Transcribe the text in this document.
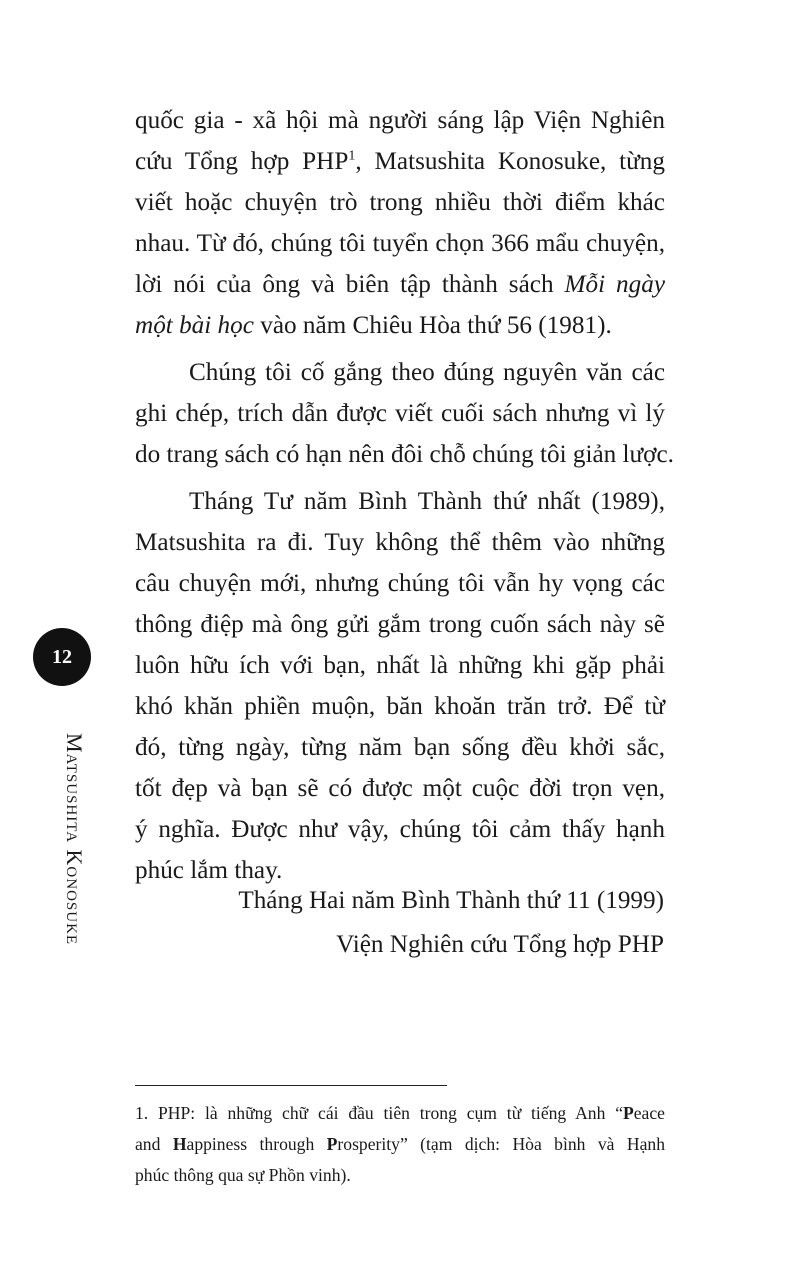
quốc gia - xã hội mà người sáng lập Viện Nghiên
cứu Tổng hợp PHP$^1$, Matsushita Konosuke, từng
viết hoặc chuyện trò trong nhiều thời điểm khác
nhau. Từ đó, chúng tôi tuyển chọn 366 mẩu chuyện,
lời nói của ông và biên tập thành sách Mỗi ngày
một bài học vào năm Chiêu Hòa thứ 56 (1981).

Chúng tôi cố gắng theo đúng nguyên văn các
ghi chép, trích dẫn được viết cuối sách nhưng vì lý
do trang sách có hạn nên đôi chỗ chúng tôi giản lược.

Tháng Tư năm Bình Thành thứ nhất (1989),
Matsushita ra đi. Tuy không thể thêm vào những
câu chuyện mới, nhưng chúng tôi vẫn hy vọng các
thông điệp mà ông gửi gắm trong cuốn sách này sẽ
luôn hữu ích với bạn, nhất là những khi gặp phải
khó khăn phiền muộn, băn khoăn trăn trở. Để từ
đó, từng ngày, từng năm bạn sống đều khởi sắc,
tốt đẹp và bạn sẽ có được một cuộc đời trọn vẹn,
ý nghĩa. Được như vậy, chúng tôi cảm thấy hạnh
phúc lắm thay.

Tháng Hai năm Bình Thành thứ 11 (1999)
Viện Nghiên cứu Tổng hợp PHP
12
Matsushita Konosuke
1. PHP: là những chữ cái đầu tiên trong cụm từ tiếng Anh “Peace
and Happiness through Prosperity” (tạm dịch: Hòa bình và Hạnh
phúc thông qua sự Phồn vinh).
